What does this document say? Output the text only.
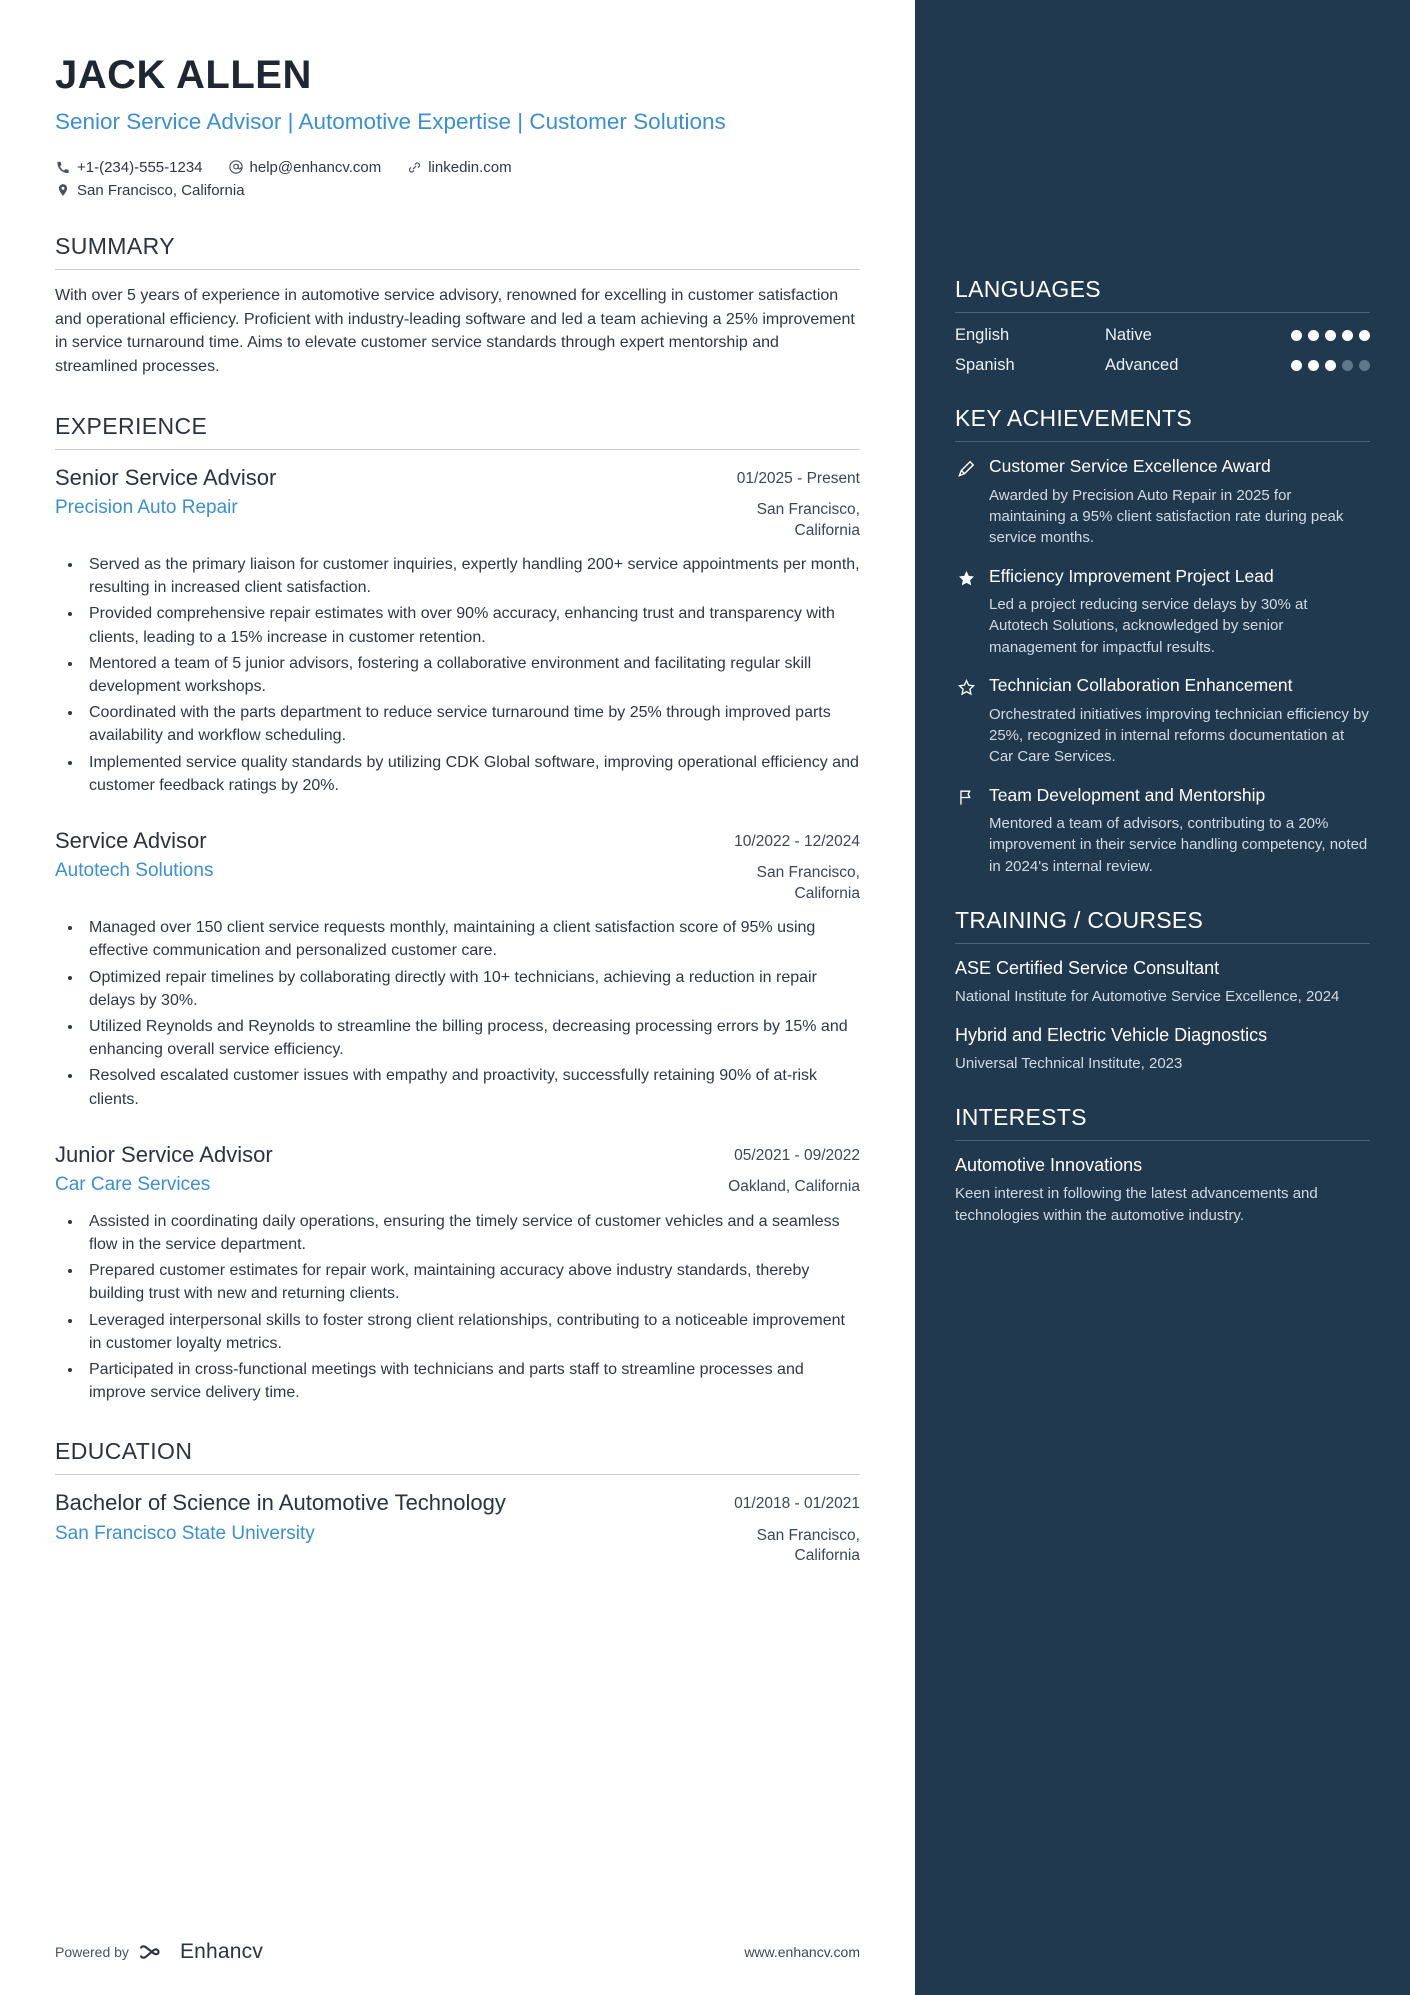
JACK ALLEN
Senior Service Advisor | Automotive Expertise | Customer Solutions
+1-(234)-555-1234	help@enhancv.com	linkedin.com
San Francisco, California
SUMMARY
With over 5 years of experience in automotive service advisory, renowned for excelling in customer satisfaction and operational efficiency. Proficient with industry-leading software and led a team achieving a 25% improvement in service turnaround time. Aims to elevate customer service standards through expert mentorship and streamlined processes.
EXPERIENCE
Senior Service Advisor	01/2025 - Present
Precision Auto Repair	San Francisco, California
• Served as the primary liaison for customer inquiries, expertly handling 200+ service appointments per month, resulting in increased client satisfaction.
• Provided comprehensive repair estimates with over 90% accuracy, enhancing trust and transparency with clients, leading to a 15% increase in customer retention.
• Mentored a team of 5 junior advisors, fostering a collaborative environment and facilitating regular skill development workshops.
• Coordinated with the parts department to reduce service turnaround time by 25% through improved parts availability and workflow scheduling.
• Implemented service quality standards by utilizing CDK Global software, improving operational efficiency and customer feedback ratings by 20%.
Service Advisor	10/2022 - 12/2024
Autotech Solutions	San Francisco, California
• Managed over 150 client service requests monthly, maintaining a client satisfaction score of 95% using effective communication and personalized customer care.
• Optimized repair timelines by collaborating directly with 10+ technicians, achieving a reduction in repair delays by 30%.
• Utilized Reynolds and Reynolds to streamline the billing process, decreasing processing errors by 15% and enhancing overall service efficiency.
• Resolved escalated customer issues with empathy and proactivity, successfully retaining 90% of at-risk clients.
Junior Service Advisor	05/2021 - 09/2022
Car Care Services	Oakland, California
• Assisted in coordinating daily operations, ensuring the timely service of customer vehicles and a seamless flow in the service department.
• Prepared customer estimates for repair work, maintaining accuracy above industry standards, thereby building trust with new and returning clients.
• Leveraged interpersonal skills to foster strong client relationships, contributing to a noticeable improvement in customer loyalty metrics.
• Participated in cross-functional meetings with technicians and parts staff to streamline processes and improve service delivery time.
EDUCATION
Bachelor of Science in Automotive Technology	01/2018 - 01/2021
San Francisco State University	San Francisco, California
Powered by Enhancv	www.enhancv.com
LANGUAGES
English	Native
Spanish	Advanced
KEY ACHIEVEMENTS
Customer Service Excellence Award
Awarded by Precision Auto Repair in 2025 for maintaining a 95% client satisfaction rate during peak service months.
Efficiency Improvement Project Lead
Led a project reducing service delays by 30% at Autotech Solutions, acknowledged by senior management for impactful results.
Technician Collaboration Enhancement
Orchestrated initiatives improving technician efficiency by 25%, recognized in internal reforms documentation at Car Care Services.
Team Development and Mentorship
Mentored a team of advisors, contributing to a 20% improvement in their service handling competency, noted in 2024's internal review.
TRAINING / COURSES
ASE Certified Service Consultant
National Institute for Automotive Service Excellence, 2024
Hybrid and Electric Vehicle Diagnostics
Universal Technical Institute, 2023
INTERESTS
Automotive Innovations
Keen interest in following the latest advancements and technologies within the automotive industry.
